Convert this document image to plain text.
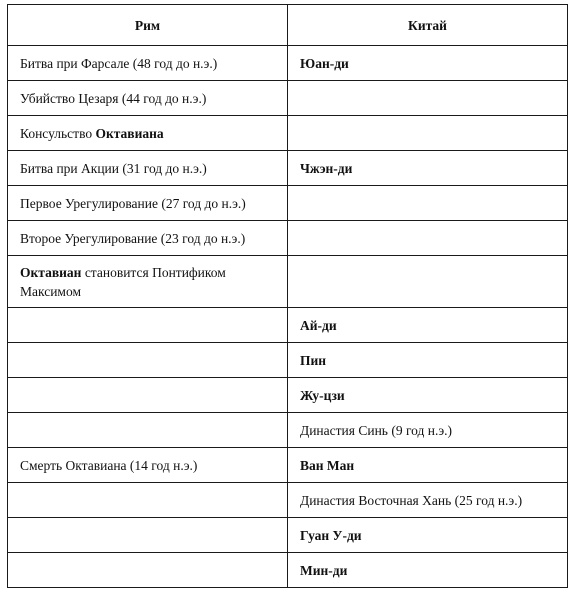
Рим	Китай
Битва при Фарсале (48 год до н.э.)	Юан-ди
Убийство Цезаря (44 год до н.э.)	
Консульство Октавиана	
Битва при Акции (31 год до н.э.)	Чжэн-ди
Первое Урегулирование (27 год до н.э.)	
Второе Урегулирование (23 год до н.э.)	
Октавиан становится Понтификом Максимом	
	Ай-ди
	Пин
	Жу-цзи
	Династия Синь (9 год н.э.)
Смерть Октавиана (14 год н.э.)	Ван Ман
	Династия Восточная Хань (25 год н.э.)
	Гуан У-ди
	Мин-ди
